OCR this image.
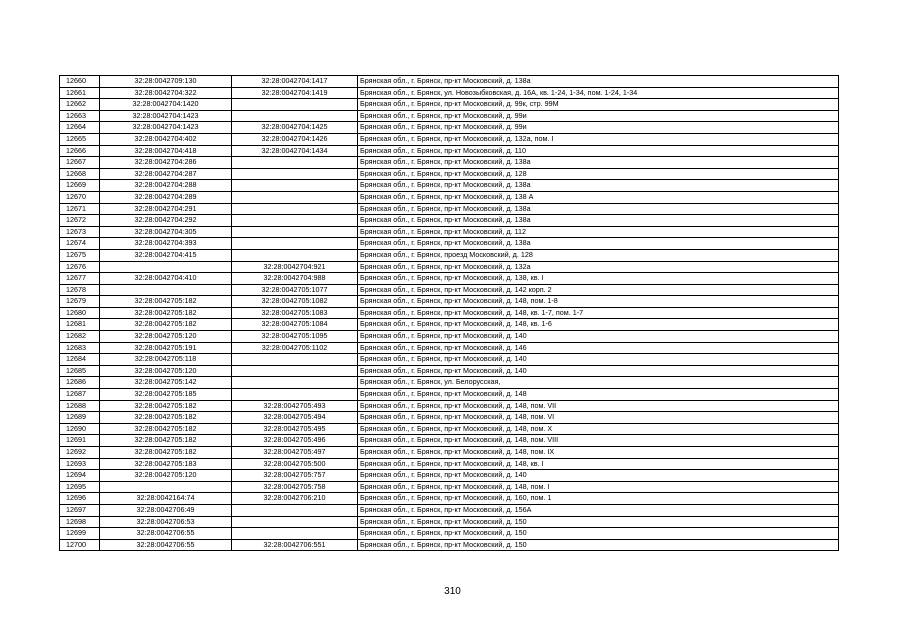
12660	32:28:0042709:130	32:28:0042704:1417	Брянская обл., г. Брянск, пр-кт Московский, д. 138а
12661	32:28:0042704:322	32:28:0042704:1419	Брянская обл., г. Брянск, ул. Новозыбковская, д. 16А, кв. 1-24, 1-34, пом. 1-24, 1-34
12662	32:28:0042704:1420		Брянская обл., г. Брянск, пр-кт Московский, д. 99к, стр. 99М
12663	32:28:0042704:1423		Брянская обл., г. Брянск, пр-кт Московский, д. 99и
12664	32:28:0042704:1423	32:28:0042704:1425	Брянская обл., г. Брянск, пр-кт Московский, д. 99и
12665	32:28:0042704:402	32:28:0042704:1426	Брянская обл., г. Брянск, пр-кт Московский, д. 132а, пом. I
12666	32:28:0042704:418	32:28:0042704:1434	Брянская обл., г. Брянск, пр-кт Московский, д. 110
12667	32:28:0042704:286		Брянская обл., г. Брянск, пр-кт Московский, д. 138а
12668	32:28:0042704:287		Брянская обл., г. Брянск, пр-кт Московский, д. 128
12669	32:28:0042704:288		Брянская обл., г. Брянск, пр-кт Московский, д. 138а
12670	32:28:0042704:289		Брянская обл., г. Брянск, пр-кт Московский, д. 138 А
12671	32:28:0042704:291		Брянская обл., г. Брянск, пр-кт Московский, д. 138а
12672	32:28:0042704:292		Брянская обл., г. Брянск, пр-кт Московский, д. 138а
12673	32:28:0042704:305		Брянская обл., г. Брянск, пр-кт Московский, д. 112
12674	32:28:0042704:393		Брянская обл., г. Брянск, пр-кт Московский, д. 138а
12675	32:28:0042704:415		Брянская обл., г. Брянск, проезд Московский, д. 128
12676		32:28:0042704:921	Брянская обл., г. Брянск, пр-кт Московский, д. 132а
12677	32:28:0042704:410	32:28:0042704:988	Брянская обл., г. Брянск, пр-кт Московский, д. 138, кв. I
12678		32:28:0042705:1077	Брянская обл., г. Брянск, пр-кт Московский, д. 142 корп. 2
12679	32:28:0042705:182	32:28:0042705:1082	Брянская обл., г. Брянск, пр-кт Московский, д. 148, пом. 1-8
12680	32:28:0042705:182	32:28:0042705:1083	Брянская обл., г. Брянск, пр-кт Московский, д. 148, кв. 1-7, пом. 1-7
12681	32:28:0042705:182	32:28:0042705:1084	Брянская обл., г. Брянск, пр-кт Московский, д. 148, кв. 1-6
12682	32:28:0042705:120	32:28:0042705:1095	Брянская обл., г. Брянск, пр-кт Московский, д. 140
12683	32:28:0042705:191	32:28:0042705:1102	Брянская обл., г. Брянск, пр-кт Московский, д. 146
12684	32:28:0042705:118		Брянская обл., г. Брянск, пр-кт Московский, д. 140
12685	32:28:0042705:120		Брянская обл., г. Брянск, пр-кт Московский, д. 140
12686	32:28:0042705:142		Брянская обл., г. Брянск, ул. Белорусская,
12687	32:28:0042705:185		Брянская обл., г. Брянск, пр-кт Московский, д. 148
12688	32:28:0042705:182	32:28:0042705:493	Брянская обл., г. Брянск, пр-кт Московский, д. 148, пом. VII
12689	32:28:0042705:182	32:28:0042705:494	Брянская обл., г. Брянск, пр-кт Московский, д. 148, пом. VI
12690	32:28:0042705:182	32:28:0042705:495	Брянская обл., г. Брянск, пр-кт Московский, д. 148, пом. X
12691	32:28:0042705:182	32:28:0042705:496	Брянская обл., г. Брянск, пр-кт Московский, д. 148, пом. VIII
12692	32:28:0042705:182	32:28:0042705:497	Брянская обл., г. Брянск, пр-кт Московский, д. 148, пом. IX
12693	32:28:0042705:183	32:28:0042705:500	Брянская обл., г. Брянск, пр-кт Московский, д. 148, кв. I
12694	32:28:0042705:120	32:28:0042705:757	Брянская обл., г. Брянск, пр-кт Московский, д. 140
12695		32:28:0042705:758	Брянская обл., г. Брянск, пр-кт Московский, д. 148, пом. I
12696	32:28:0042164:74	32:28:0042706:210	Брянская обл., г. Брянск, пр-кт Московский, д. 160, пом. 1
12697	32:28:0042706:49		Брянская обл., г. Брянск, пр-кт Московский, д. 156А
12698	32:28:0042706:53		Брянская обл., г. Брянск, пр-кт Московский, д. 150
12699	32:28:0042706:55		Брянская обл., г. Брянск, пр-кт Московский, д. 150
12700	32:28:0042706:55	32:28:0042706:551	Брянская обл., г. Брянск, пр-кт Московский, д. 150
310
